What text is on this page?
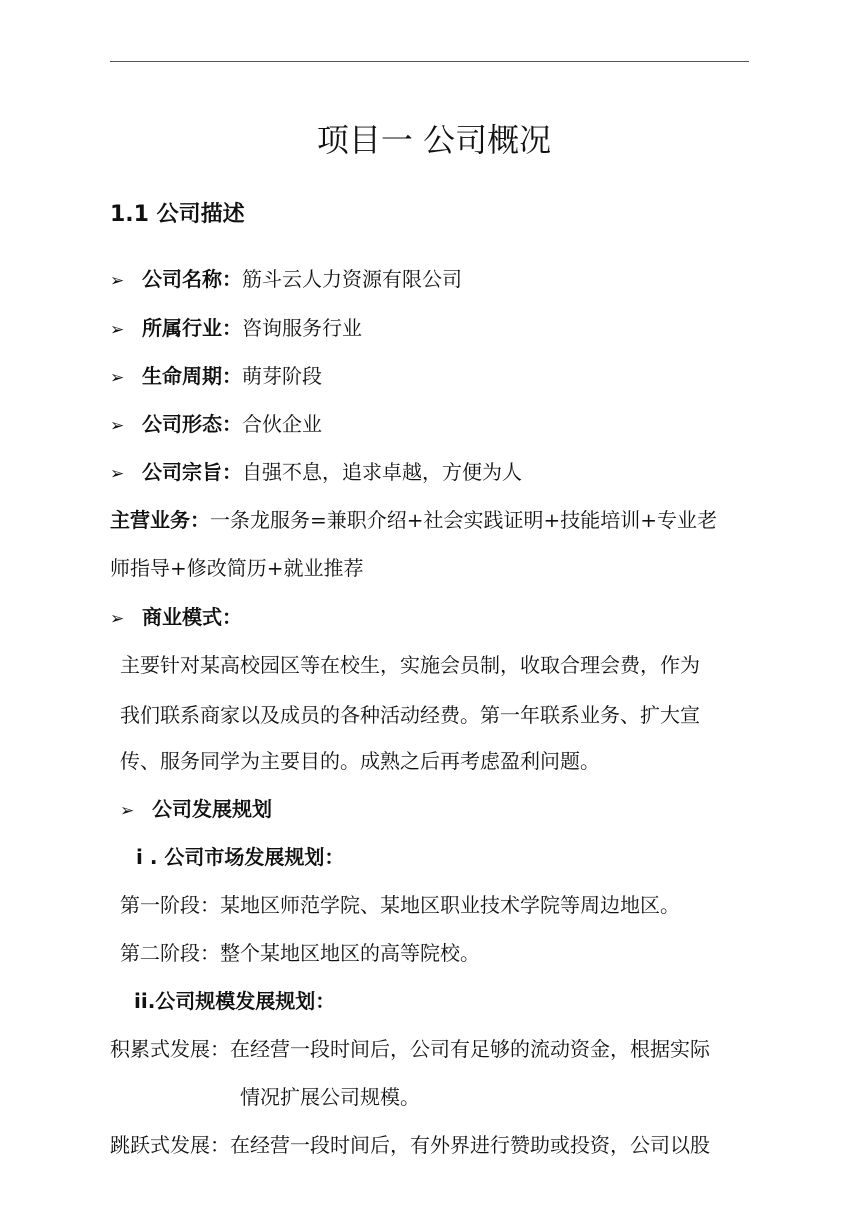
项目一 公司概况
1.1 公司描述
➢ 公司名称：筋斗云人力资源有限公司
➢ 所属行业：咨询服务行业
➢ 生命周期：萌芽阶段
➢ 公司形态：合伙企业
➢ 公司宗旨：自强不息，追求卓越，方便为人
主营业务：一条龙服务=兼职介绍+社会实践证明+技能培训+专业老
师指导+修改简历+就业推荐
➢ 商业模式：
主要针对某高校园区等在校生，实施会员制，收取合理会费，作为
我们联系商家以及成员的各种活动经费。第一年联系业务、扩大宣
传、服务同学为主要目的。成熟之后再考虑盈利问题。
➢ 公司发展规划
i . 公司市场发展规划：
第一阶段：某地区师范学院、某地区职业技术学院等周边地区。
第二阶段：整个某地区地区的高等院校。
ii.公司规模发展规划：
积累式发展：在经营一段时间后，公司有足够的流动资金，根据实际
情况扩展公司规模。
跳跃式发展：在经营一段时间后，有外界进行赞助或投资，公司以股
